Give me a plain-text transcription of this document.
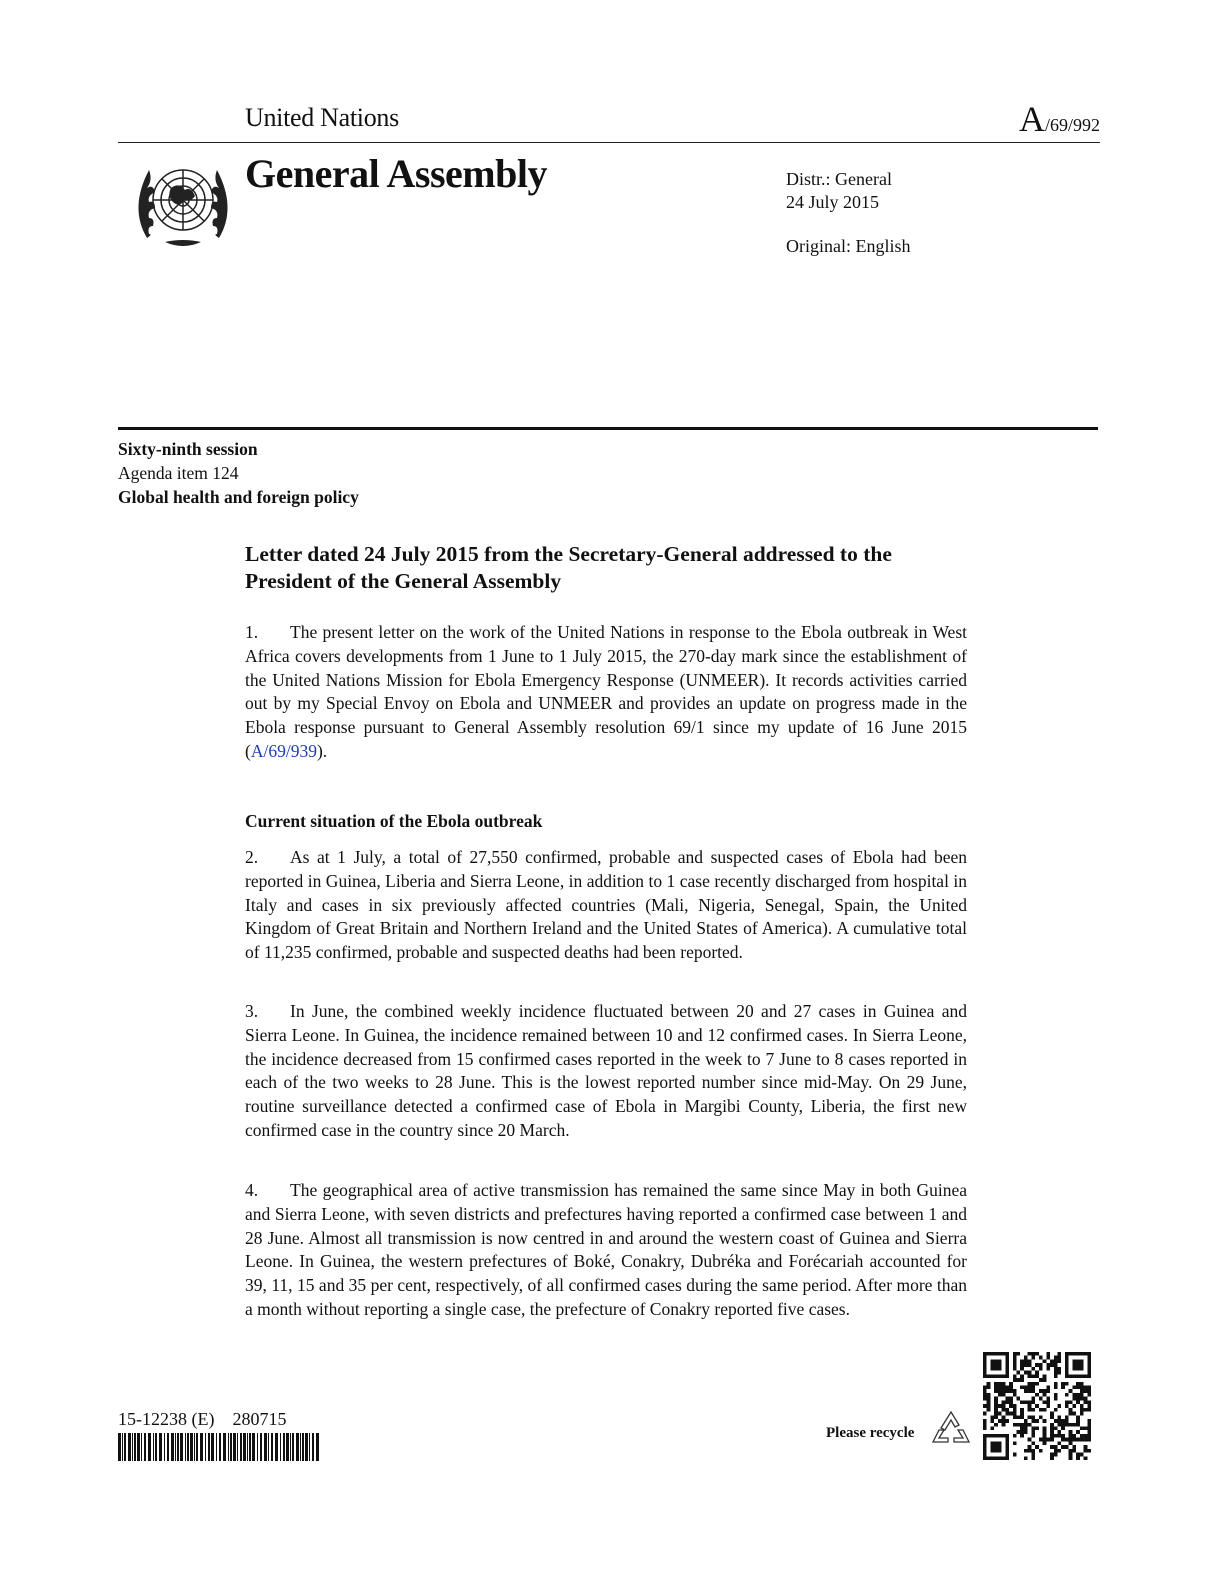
United Nations	A/69/992
General Assembly	Distr.: General
24 July 2015
Original: English
Sixty-ninth session
Agenda item 124
Global health and foreign policy
Letter dated 24 July 2015 from the Secretary-General addressed to the President of the General Assembly
1. The present letter on the work of the United Nations in response to the Ebola outbreak in West Africa covers developments from 1 June to 1 July 2015, the 270-day mark since the establishment of the United Nations Mission for Ebola Emergency Response (UNMEER). It records activities carried out by my Special Envoy on Ebola and UNMEER and provides an update on progress made in the Ebola response pursuant to General Assembly resolution 69/1 since my update of 16 June 2015 (A/69/939).
Current situation of the Ebola outbreak
2. As at 1 July, a total of 27,550 confirmed, probable and suspected cases of Ebola had been reported in Guinea, Liberia and Sierra Leone, in addition to 1 case recently discharged from hospital in Italy and cases in six previously affected countries (Mali, Nigeria, Senegal, Spain, the United Kingdom of Great Britain and Northern Ireland and the United States of America). A cumulative total of 11,235 confirmed, probable and suspected deaths had been reported.
3. In June, the combined weekly incidence fluctuated between 20 and 27 cases in Guinea and Sierra Leone. In Guinea, the incidence remained between 10 and 12 confirmed cases. In Sierra Leone, the incidence decreased from 15 confirmed cases reported in the week to 7 June to 8 cases reported in each of the two weeks to 28 June. This is the lowest reported number since mid-May. On 29 June, routine surveillance detected a confirmed case of Ebola in Margibi County, Liberia, the first new confirmed case in the country since 20 March.
4. The geographical area of active transmission has remained the same since May in both Guinea and Sierra Leone, with seven districts and prefectures having reported a confirmed case between 1 and 28 June. Almost all transmission is now centred in and around the western coast of Guinea and Sierra Leone. In Guinea, the western prefectures of Boké, Conakry, Dubréka and Forécariah accounted for 39, 11, 15 and 35 per cent, respectively, of all confirmed cases during the same period. After more than a month without reporting a single case, the prefecture of Conakry reported five cases.
15-12238 (E)    280715
Please recycle
